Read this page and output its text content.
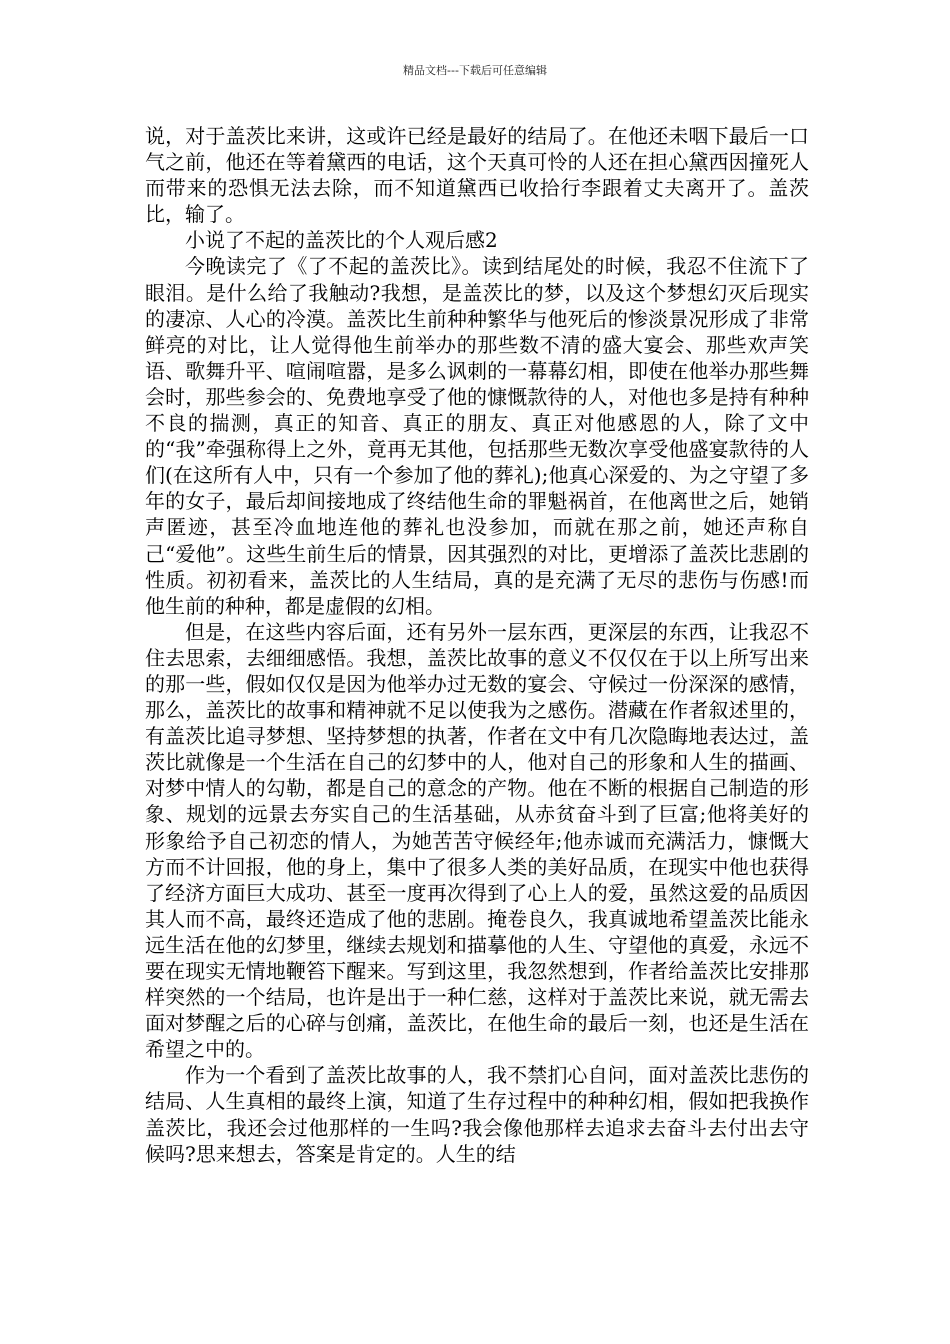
精品文档---下载后可任意编辑

说，对于盖茨比来讲，这或许已经是最好的结局了。在他还未咽下最后一口气之前，他还在等着黛西的电话，这个天真可怜的人还在担心黛西因撞死人而带来的恐惧无法去除，而不知道黛西已收拾行李跟着丈夫离开了。盖茨比，输了。

小说了不起的盖茨比的个人观后感2

今晚读完了《了不起的盖茨比》。读到结尾处的时候，我忍不住流下了眼泪。是什么给了我触动?我想，是盖茨比的梦，以及这个梦想幻灭后现实的凄凉、人心的冷漠。盖茨比生前种种繁华与他死后的惨淡景况形成了非常鲜亮的对比，让人觉得他生前举办的那些数不清的盛大宴会、那些欢声笑语、歌舞升平、喧闹喧嚣，是多么讽刺的一幕幕幻相，即使在他举办那些舞会时，那些参会的、免费地享受了他的慷慨款待的人，对他也多是持有种种不良的揣测，真正的知音、真正的朋友、真正对他感恩的人，除了文中的“我”牵强称得上之外，竟再无其他，包括那些无数次享受他盛宴款待的人们(在这所有人中，只有一个参加了他的葬礼);他真心深爱的、为之守望了多年的女子，最后却间接地成了终结他生命的罪魁祸首，在他离世之后，她销声匿迹，甚至冷血地连他的葬礼也没参加，而就在那之前，她还声称自己“爱他”。这些生前生后的情景，因其强烈的对比，更增添了盖茨比悲剧的性质。初初看来，盖茨比的人生结局，真的是充满了无尽的悲伤与伤感!而他生前的种种，都是虚假的幻相。

但是，在这些内容后面，还有另外一层东西，更深层的东西，让我忍不住去思索，去细细感悟。我想，盖茨比故事的意义不仅仅在于以上所写出来的那一些，假如仅仅是因为他举办过无数的宴会、守候过一份深深的感情，那么，盖茨比的故事和精神就不足以使我为之感伤。潜藏在作者叙述里的，有盖茨比追寻梦想、坚持梦想的执著，作者在文中有几次隐晦地表达过，盖茨比就像是一个生活在自己的幻梦中的人，他对自己的形象和人生的描画、对梦中情人的勾勒，都是自己的意念的产物。他在不断的根据自己制造的形象、规划的远景去夯实自己的生活基础，从赤贫奋斗到了巨富;他将美好的形象给予自己初恋的情人，为她苦苦守候经年;他赤诚而充满活力，慷慨大方而不计回报，他的身上，集中了很多人类的美好品质，在现实中他也获得了经济方面巨大成功、甚至一度再次得到了心上人的爱，虽然这爱的品质因其人而不高，最终还造成了他的悲剧。掩卷良久，我真诚地希望盖茨比能永远生活在他的幻梦里，继续去规划和描摹他的人生、守望他的真爱，永远不要在现实无情地鞭笞下醒来。写到这里，我忽然想到，作者给盖茨比安排那样突然的一个结局，也许是出于一种仁慈，这样对于盖茨比来说，就无需去面对梦醒之后的心碎与创痛，盖茨比，在他生命的最后一刻，也还是生活在希望之中的。

作为一个看到了盖茨比故事的人，我不禁扪心自问，面对盖茨比悲伤的结局、人生真相的最终上演，知道了生存过程中的种种幻相，假如把我换作盖茨比，我还会过他那样的一生吗?我会像他那样去追求去奋斗去付出去守候吗?思来想去，答案是肯定的。人生的结
